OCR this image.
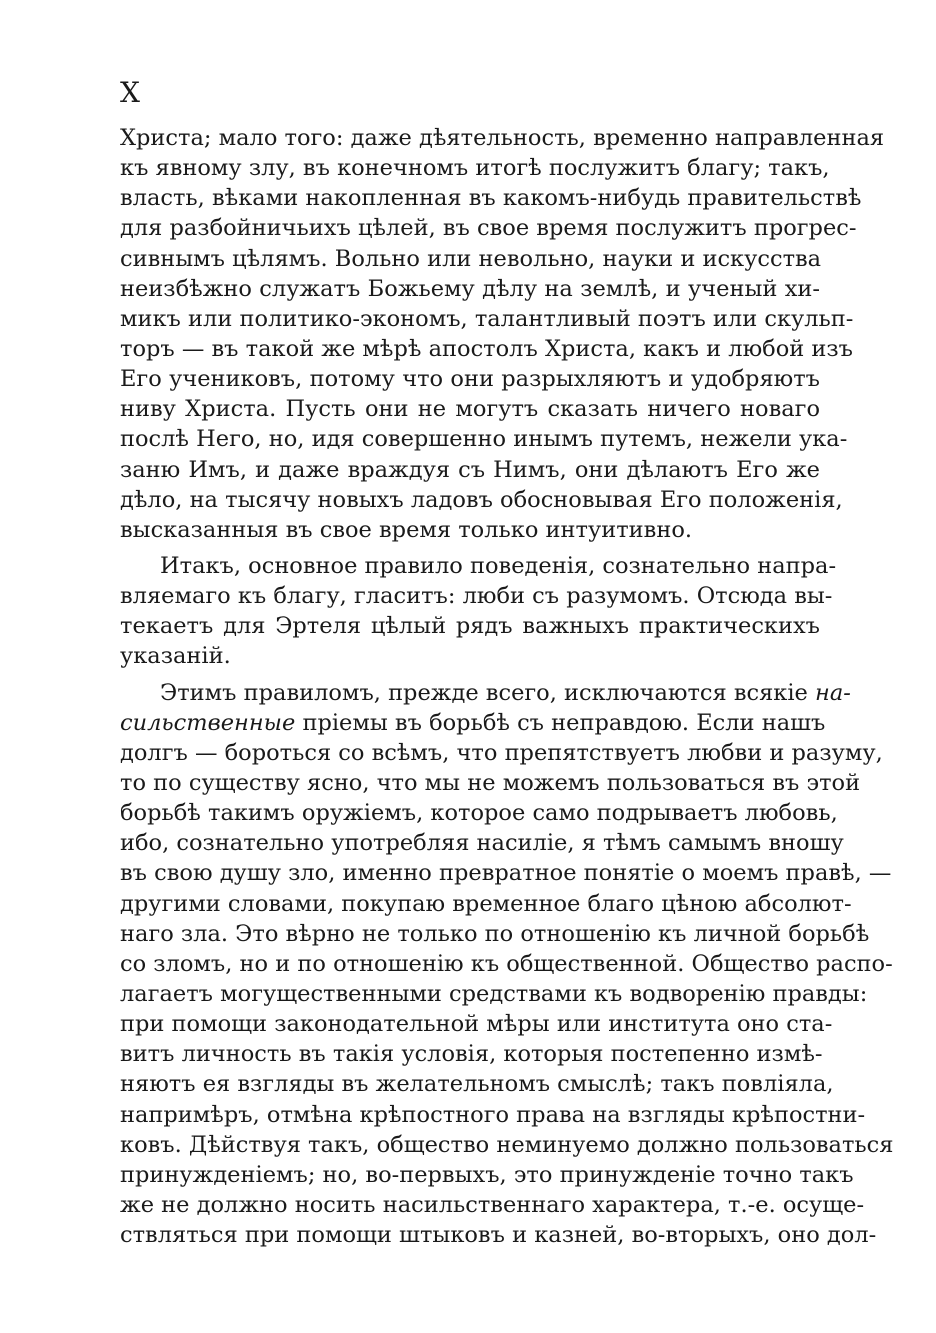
X
Христа; мало того: даже дѣятельность, временно направленная
къ явному злу, въ конечномъ итогѣ послужитъ благу; такъ,
власть, вѣками накопленная въ какомъ-нибудь правительствѣ
для разбойничьихъ цѣлей, въ свое время послужитъ прогрес-
сивнымъ цѣлямъ. Вольно или невольно, науки и искусства
неизбѣжно служатъ Божьему дѣлу на землѣ, и ученый хи-
микъ или политико-экономъ, талантливый поэтъ или скульп-
торъ — въ такой же мѣрѣ апостолъ Христа, какъ и любой изъ
Его учениковъ, потому что они разрыхляютъ и удобряютъ
ниву Христа. Пусть они не могутъ сказать ничего новаго
послѣ Него, но, идя совершенно инымъ путемъ, нежели ука-
заню Имъ, и даже враждуя съ Нимъ, они дѣлаютъ Его же
дѣло, на тысячу новыхъ ладовъ обосновывая Его положенія,
высказанныя въ свое время только интуитивно.
Итакъ, основное правило поведенія, сознательно напра-
вляемаго къ благу, гласитъ: люби съ разумомъ. Отсюда вы-
текаетъ для Эртеля цѣлый рядъ важныхъ практическихъ
указаній.
Этимъ правиломъ, прежде всего, исключаются всякіе на-
сильственные пріемы въ борьбѣ съ неправдою. Если нашъ
долгъ — бороться со всѣмъ, что препятствуетъ любви и разуму,
то по существу ясно, что мы не можемъ пользоваться въ этой
борьбѣ такимъ оружіемъ, которое само подрываетъ любовь,
ибо, сознательно употребляя насиліе, я тѣмъ самымъ вношу
въ свою душу зло, именно превратное понятіе о моемъ правѣ, —
другими словами, покупаю временное благо цѣною абсолют-
наго зла. Это вѣрно не только по отношенію къ личной борьбѣ
со зломъ, но и по отношенію къ общественной. Общество распо-
лагаетъ могущественными средствами къ водворенію правды:
при помощи законодательной мѣры или института оно ста-
витъ личность въ такія условія, которыя постепенно измѣ-
няютъ ея взгляды въ желательномъ смыслѣ; такъ повліяла,
напримѣръ, отмѣна крѣпостного права на взгляды крѣпостни-
ковъ. Дѣйствуя такъ, общество неминуемо должно пользоваться
принужденіемъ; но, во-первыхъ, это принужденіе точно такъ
же не должно носить насильственнаго характера, т.-е. осуще-
ствляться при помощи штыковъ и казней, во-вторыхъ, оно дол-
